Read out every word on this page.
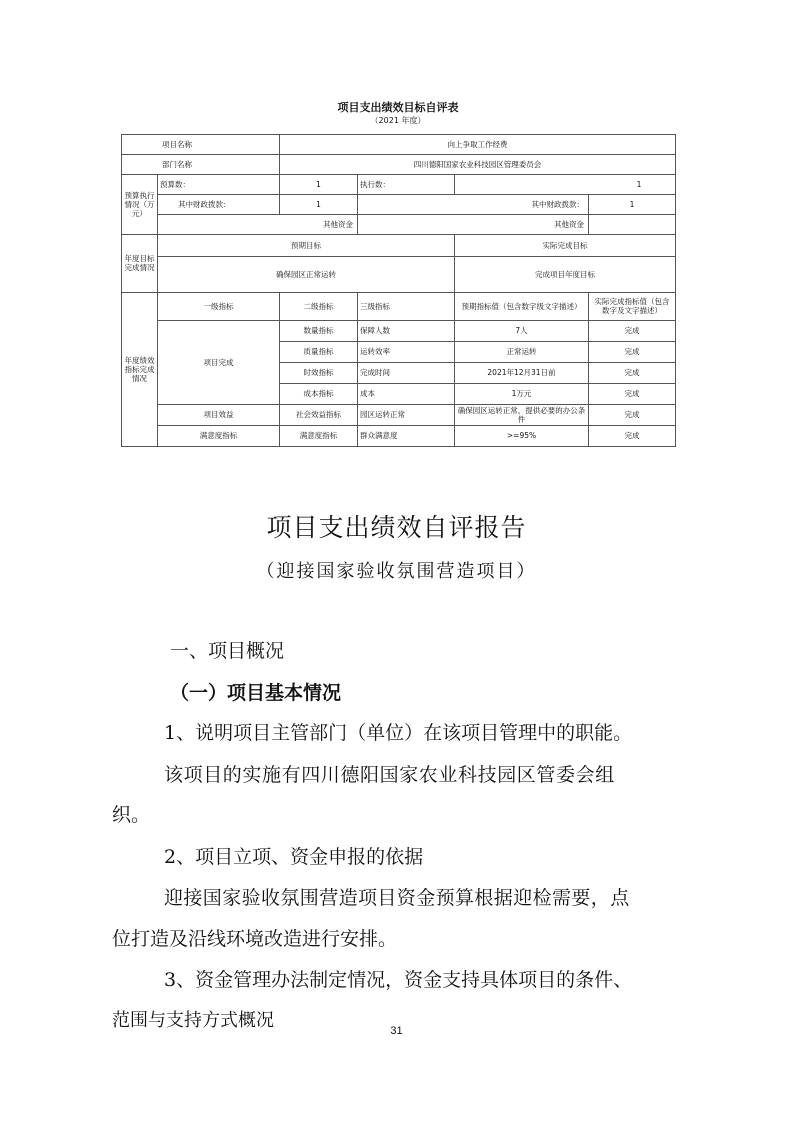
项目支出绩效目标自评表
（2021 年度）

项目名称		向上争取工作经费			
部门名称		四川德阳国家农业科技园区管理委员会			
预算执行情况（万元）	预算数：	1	执行数：	1	
	其中财政拨款：	1	其中财政拨款：		1
	其他资金		其他资金		
年度目标完成情况	预期目标			实际完成目标	
	确保园区正常运转			完成项目年度目标	
年度绩效指标完成情况	一级指标	二级指标	三级指标	预期指标值（包含数字级文字描述）	实际完成指标值（包含数字及文字描述）
	项目完成	数量指标	保障人数	7人	完成
		质量指标	运转效率	正常运转	完成
		时效指标	完成时间	2021年12月31日前	完成
		成本指标	成本	1万元	完成
	项目效益	社会效益指标	园区运转正常	确保园区运转正常，提供必要的办公条件	完成
	满意度指标	满意度指标	群众满意度	>=95%	完成
项目支出绩效自评报告
（迎接国家验收氛围营造项目）
一、项目概况
（一）项目基本情况
1、说明项目主管部门（单位）在该项目管理中的职能。
该项目的实施有四川德阳国家农业科技园区管委会组
织。
2、项目立项、资金申报的依据
迎接国家验收氛围营造项目资金预算根据迎检需要，点
位打造及沿线环境改造进行安排。
3、资金管理办法制定情况，资金支持具体项目的条件、
范围与支持方式概况	31
